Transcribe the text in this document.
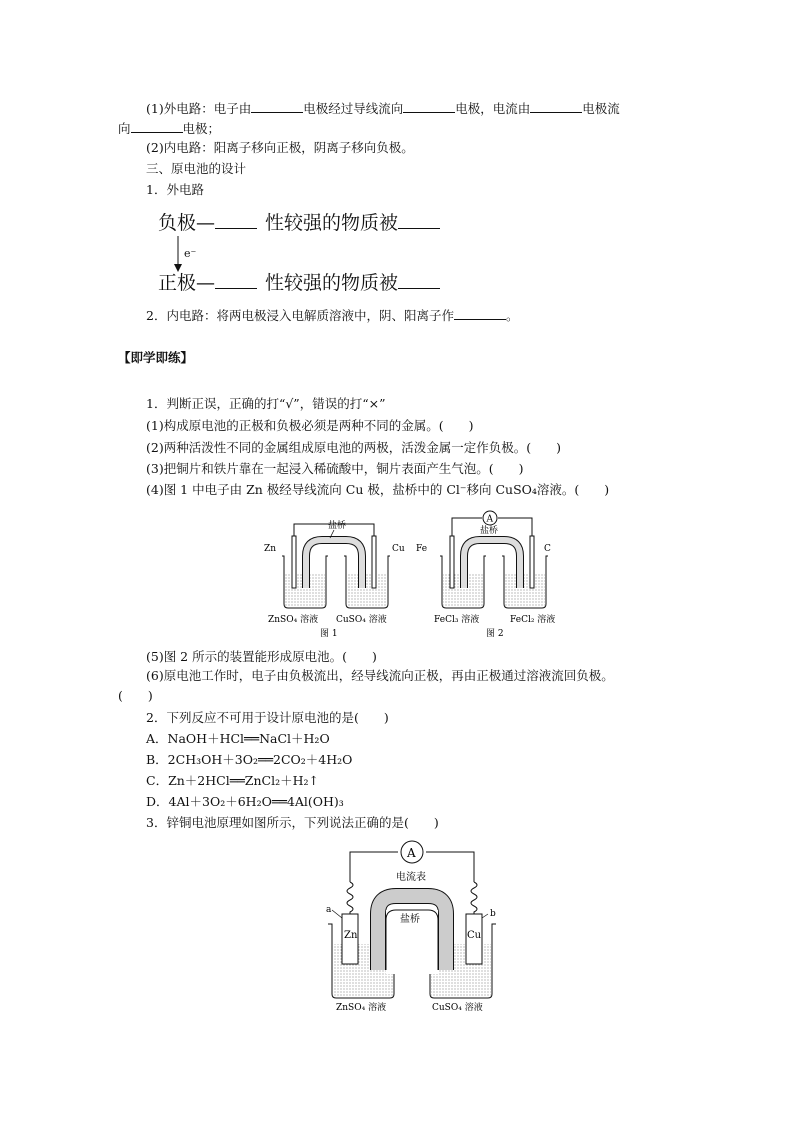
(1)外电路：电子由	电极经过导线流向	电极，电流由	电极流
向	电极；
(2)内电路：阳离子移向正极，阴离子移向负极。
三、原电池的设计
1．外电路
负极—	性较强的物质被
e⁻
正极—	性较强的物质被
2．内电路：将两电极浸入电解质溶液中，阴、阳离子作	。
【即学即练】
1．判断正误，正确的打“√”，错误的打“×”
(1)构成原电池的正极和负极必须是两种不同的金属。(　　)
(2)两种活泼性不同的金属组成原电池的两极，活泼金属一定作负极。(　　)
(3)把铜片和铁片靠在一起浸入稀硫酸中，铜片表面产生气泡。(　　)
(4)图 1 中电子由 Zn 极经导线流向 Cu 极，盐桥中的 Cl⁻移向 CuSO₄溶液。(　　)
盐桥
Zn	Cu
ZnSO₄ 溶液 CuSO₄ 溶液
图 1
A
盐桥
Fe	C
FeCl₃ 溶液	FeCl₂ 溶液
图 2
(5)图 2 所示的装置能形成原电池。(　　)
(6)原电池工作时，电子由负极流出，经导线流向正极，再由正极通过溶液流回负极。
(　　)
2．下列反应不可用于设计原电池的是(　　)
A．NaOH＋HCl══NaCl＋H₂O
B．2CH₃OH＋3O₂══2CO₂＋4H₂O
C．Zn＋2HCl══ZnCl₂＋H₂↑
D．4Al＋3O₂＋6H₂O══4Al(OH)₃
3．锌铜电池原理如图所示，下列说法正确的是(　　)
A
电流表
Zn	Cu
a	b
盐桥
ZnSO₄ 溶液	CuSO₄ 溶液
